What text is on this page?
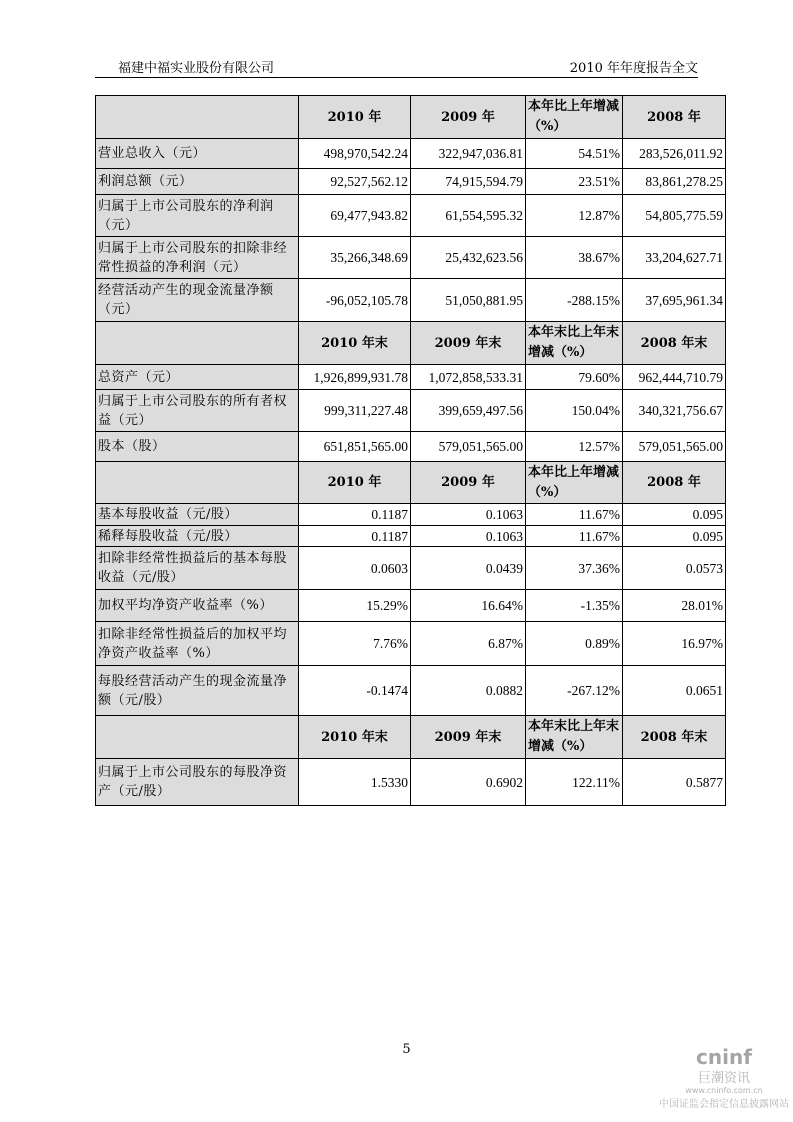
福建中福实业股份有限公司	2010 年年度报告全文
	2010 年	2009 年	本年比上年增减（%）	2008 年
营业总收入（元）	498,970,542.24	322,947,036.81	54.51%	283,526,011.92
利润总额（元）	92,527,562.12	74,915,594.79	23.51%	83,861,278.25
归属于上市公司股东的净利润（元）	69,477,943.82	61,554,595.32	12.87%	54,805,775.59
归属于上市公司股东的扣除非经常性损益的净利润（元）	35,266,348.69	25,432,623.56	38.67%	33,204,627.71
经营活动产生的现金流量净额（元）	-96,052,105.78	51,050,881.95	-288.15%	37,695,961.34
	2010 年末	2009 年末	本年末比上年末增减（%）	2008 年末
总资产（元）	1,926,899,931.78	1,072,858,533.31	79.60%	962,444,710.79
归属于上市公司股东的所有者权益（元）	999,311,227.48	399,659,497.56	150.04%	340,321,756.67
股本（股）	651,851,565.00	579,051,565.00	12.57%	579,051,565.00
	2010 年	2009 年	本年比上年增减（%）	2008 年
基本每股收益（元/股）	0.1187	0.1063	11.67%	0.095
稀释每股收益（元/股）	0.1187	0.1063	11.67%	0.095
扣除非经常性损益后的基本每股收益（元/股）	0.0603	0.0439	37.36%	0.0573
加权平均净资产收益率（%）	15.29%	16.64%	-1.35%	28.01%
扣除非经常性损益后的加权平均净资产收益率（%）	7.76%	6.87%	0.89%	16.97%
每股经营活动产生的现金流量净额（元/股）	-0.1474	0.0882	-267.12%	0.0651
	2010 年末	2009 年末	本年末比上年末增减（%）	2008 年末
归属于上市公司股东的每股净资产（元/股）	1.5330	0.6902	122.11%	0.5877
5	cninf
巨潮资讯
www.cninfo.com.cn
中国证监会指定信息披露网站
